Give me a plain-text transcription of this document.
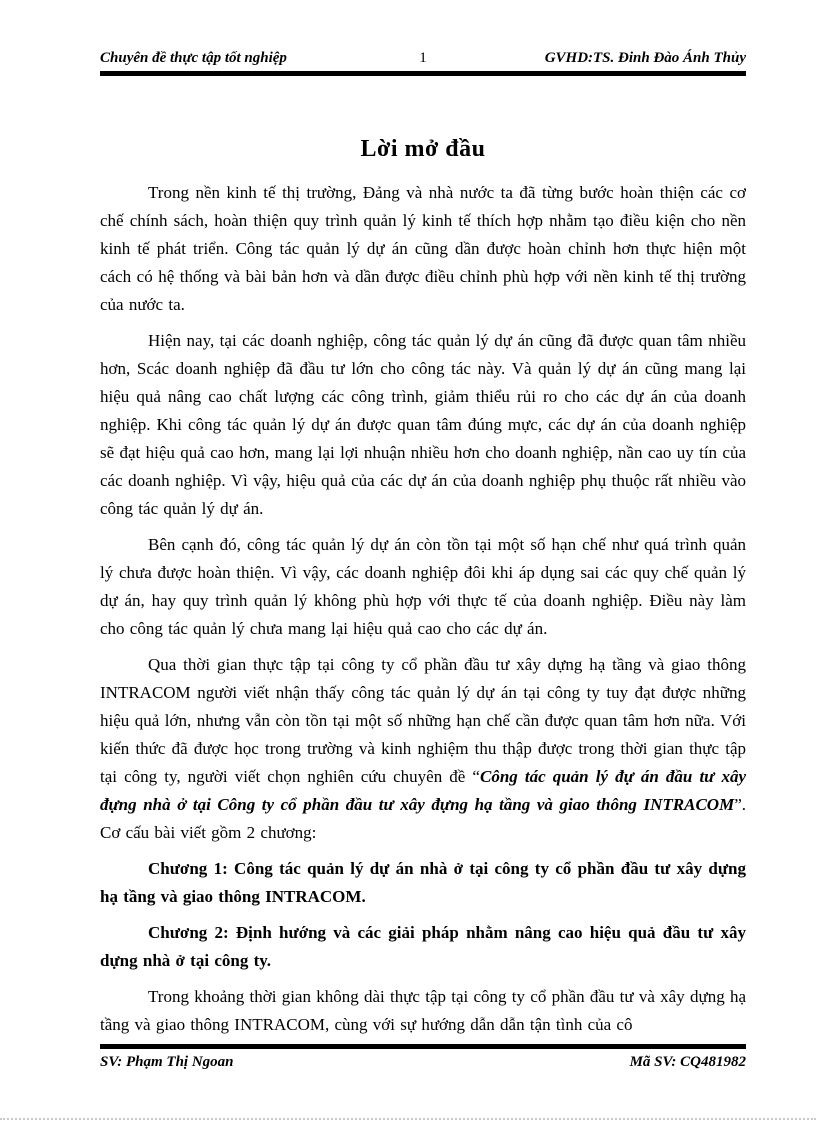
Chuyên đề thực tập tốt nghiệp	1	GVHD:TS. Đinh Đào Ánh Thủy
Lời mở đầu

Trong nền kinh tế thị trường, Đảng và nhà nước ta đã từng bước hoàn thiện các cơ chế chính sách, hoàn thiện quy trình quản lý kinh tế thích hợp nhằm tạo điều kiện cho nền kinh tế phát triển. Công tác quản lý dự án cũng dần được hoàn chỉnh hơn thực hiện một cách có hệ thống và bài bản hơn và dần được điều chỉnh phù hợp với nền kinh tế thị trường của nước ta.

Hiện nay, tại các doanh nghiệp, công tác quản lý dự án cũng đã được quan tâm nhiều hơn, Scác doanh nghiệp đã đầu tư lớn cho công tác này. Và quản lý dự án cũng mang lại hiệu quả nâng cao chất lượng các công trình, giảm thiểu rủi ro cho các dự án của doanh nghiệp. Khi công tác quản lý dự án được quan tâm đúng mực, các dự án của doanh nghiệp sẽ đạt hiệu quả cao hơn, mang lại lợi nhuận nhiều hơn cho doanh nghiệp, nần cao uy tín của các doanh nghiệp. Vì vậy, hiệu quả của các dự án của doanh nghiệp phụ thuộc rất nhiều vào công tác quản lý dự án.

Bên cạnh đó, công tác quản lý dự án còn tồn tại một số hạn chế như quá trình quản lý chưa được hoàn thiện. Vì vậy, các doanh nghiệp đôi khi áp dụng sai các quy chế quản lý dự án, hay quy trình quản lý không phù hợp với thực tế của doanh nghiệp. Điều này làm cho công tác quản lý chưa mang lại hiệu quả cao cho các dự án.

Qua thời gian thực tập tại công ty cổ phần đầu tư xây dựng hạ tầng và giao thông INTRACOM người viết nhận thấy công tác quản lý dự án tại công ty tuy đạt được những hiệu quả lớn, nhưng vẫn còn tồn tại một số những hạn chế cần được quan tâm hơn nữa. Với kiến thức đã được học trong trường và kinh nghiệm thu thập được trong thời gian thực tập tại công ty, người viết chọn nghiên cứu chuyên đề “Công tác quản lý đự án đầu tư xây đựng nhà ở tại Công ty cổ phần đầu tư xây đựng hạ tầng và giao thông INTRACOM”. Cơ cấu bài viết gồm 2 chương:

Chương 1: Công tác quản lý dự án nhà ở tại công ty cổ phần đầu tư xây dựng hạ tầng và giao thông INTRACOM.

Chương 2: Định hướng và các giải pháp nhằm nâng cao hiệu quả đầu tư xây dựng nhà ở tại công ty.

Trong khoảng thời gian không dài thực tập tại công ty cổ phần đầu tư và xây dựng hạ tầng và giao thông INTRACOM, cùng với sự hướng dẫn dẫn tận tình của cô

SV: Phạm Thị Ngoan	Mã SV: CQ481982
